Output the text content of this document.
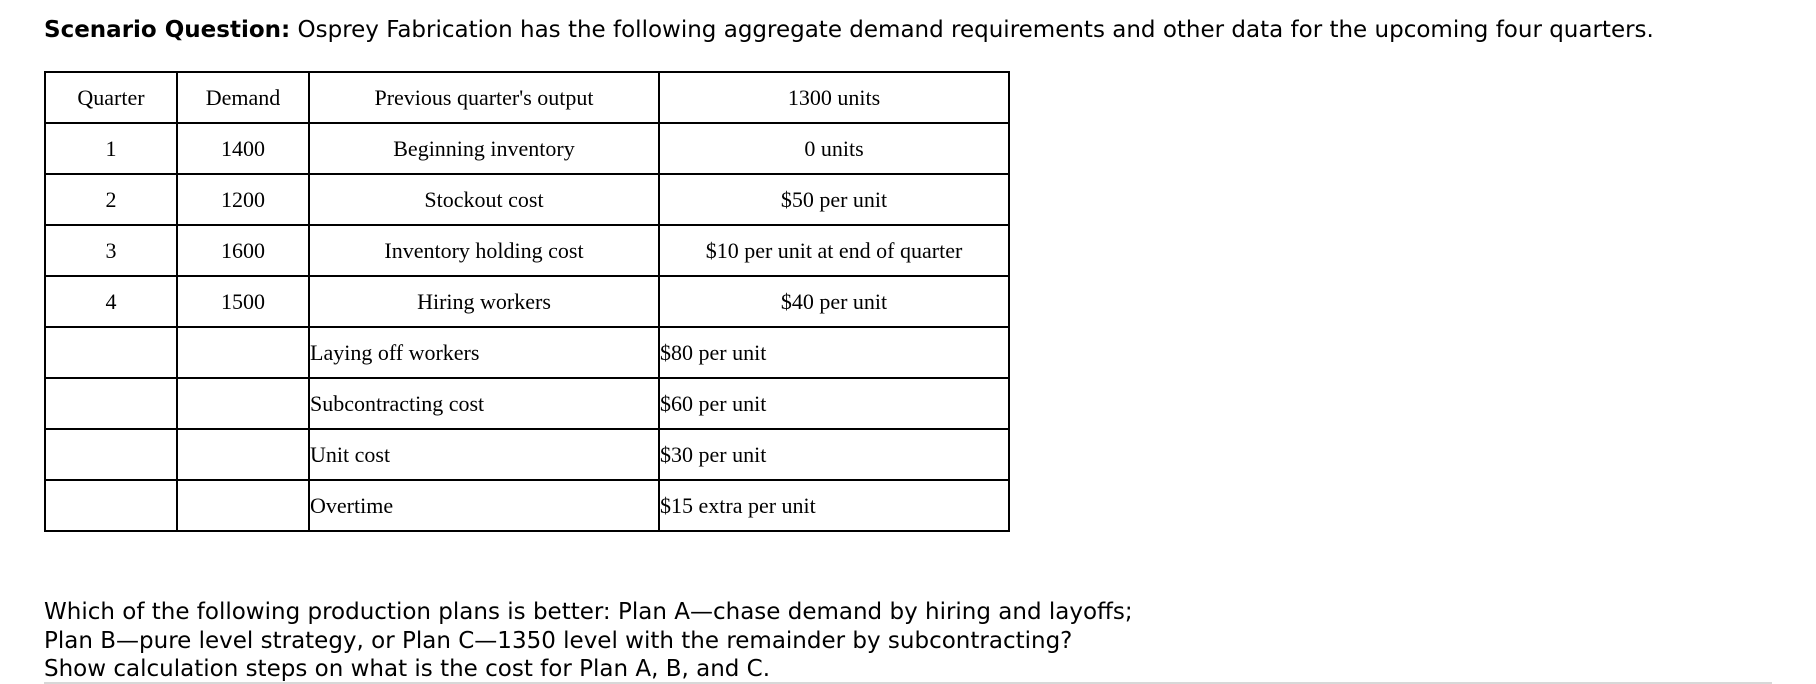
Scenario Question: Osprey Fabrication has the following aggregate demand requirements and other data for the upcoming four quarters.
Quarter	Demand	Previous quarter's output	1300 units
1	1400	Beginning inventory	0 units
2	1200	Stockout cost	$50 per unit
3	1600	Inventory holding cost	$10 per unit at end of quarter
4	1500	Hiring workers	$40 per unit
		Laying off workers	$80 per unit
		Subcontracting cost	$60 per unit
		Unit cost	$30 per unit
		Overtime	$15 extra per unit
Which of the following production plans is better: Plan A—chase demand by hiring and layoffs;
Plan B—pure level strategy, or Plan C—1350 level with the remainder by subcontracting?
Show calculation steps on what is the cost for Plan A, B, and C.
